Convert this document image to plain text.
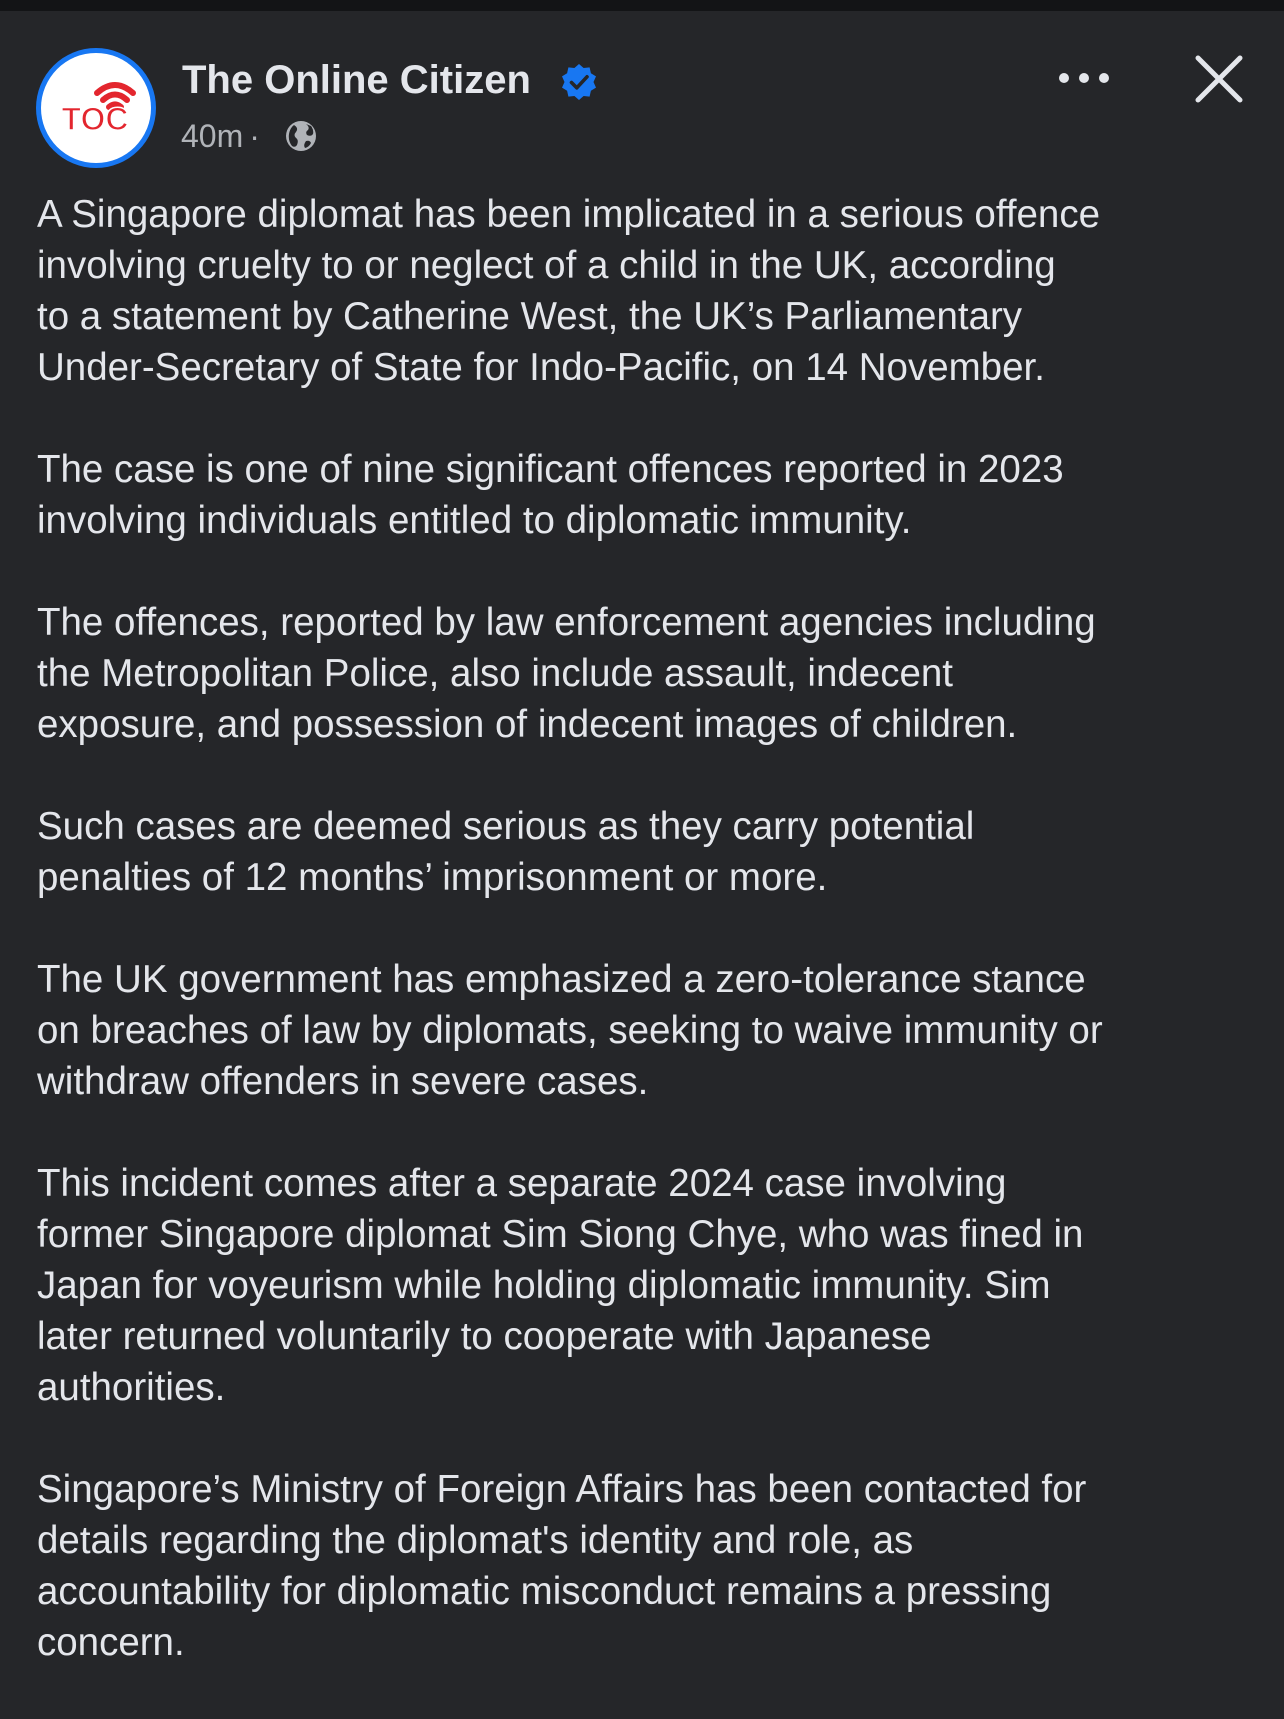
TOC
The Online Citizen
40m ·

A Singapore diplomat has been implicated in a serious offence
involving cruelty to or neglect of a child in the UK, according
to a statement by Catherine West, the UK’s Parliamentary
Under-Secretary of State for Indo-Pacific, on 14 November.

The case is one of nine significant offences reported in 2023
involving individuals entitled to diplomatic immunity.

The offences, reported by law enforcement agencies including
the Metropolitan Police, also include assault, indecent
exposure, and possession of indecent images of children.

Such cases are deemed serious as they carry potential
penalties of 12 months’ imprisonment or more.

The UK government has emphasized a zero-tolerance stance
on breaches of law by diplomats, seeking to waive immunity or
withdraw offenders in severe cases.

This incident comes after a separate 2024 case involving
former Singapore diplomat Sim Siong Chye, who was fined in
Japan for voyeurism while holding diplomatic immunity. Sim
later returned voluntarily to cooperate with Japanese
authorities.

Singapore’s Ministry of Foreign Affairs has been contacted for
details regarding the diplomat's identity and role, as
accountability for diplomatic misconduct remains a pressing
concern.
